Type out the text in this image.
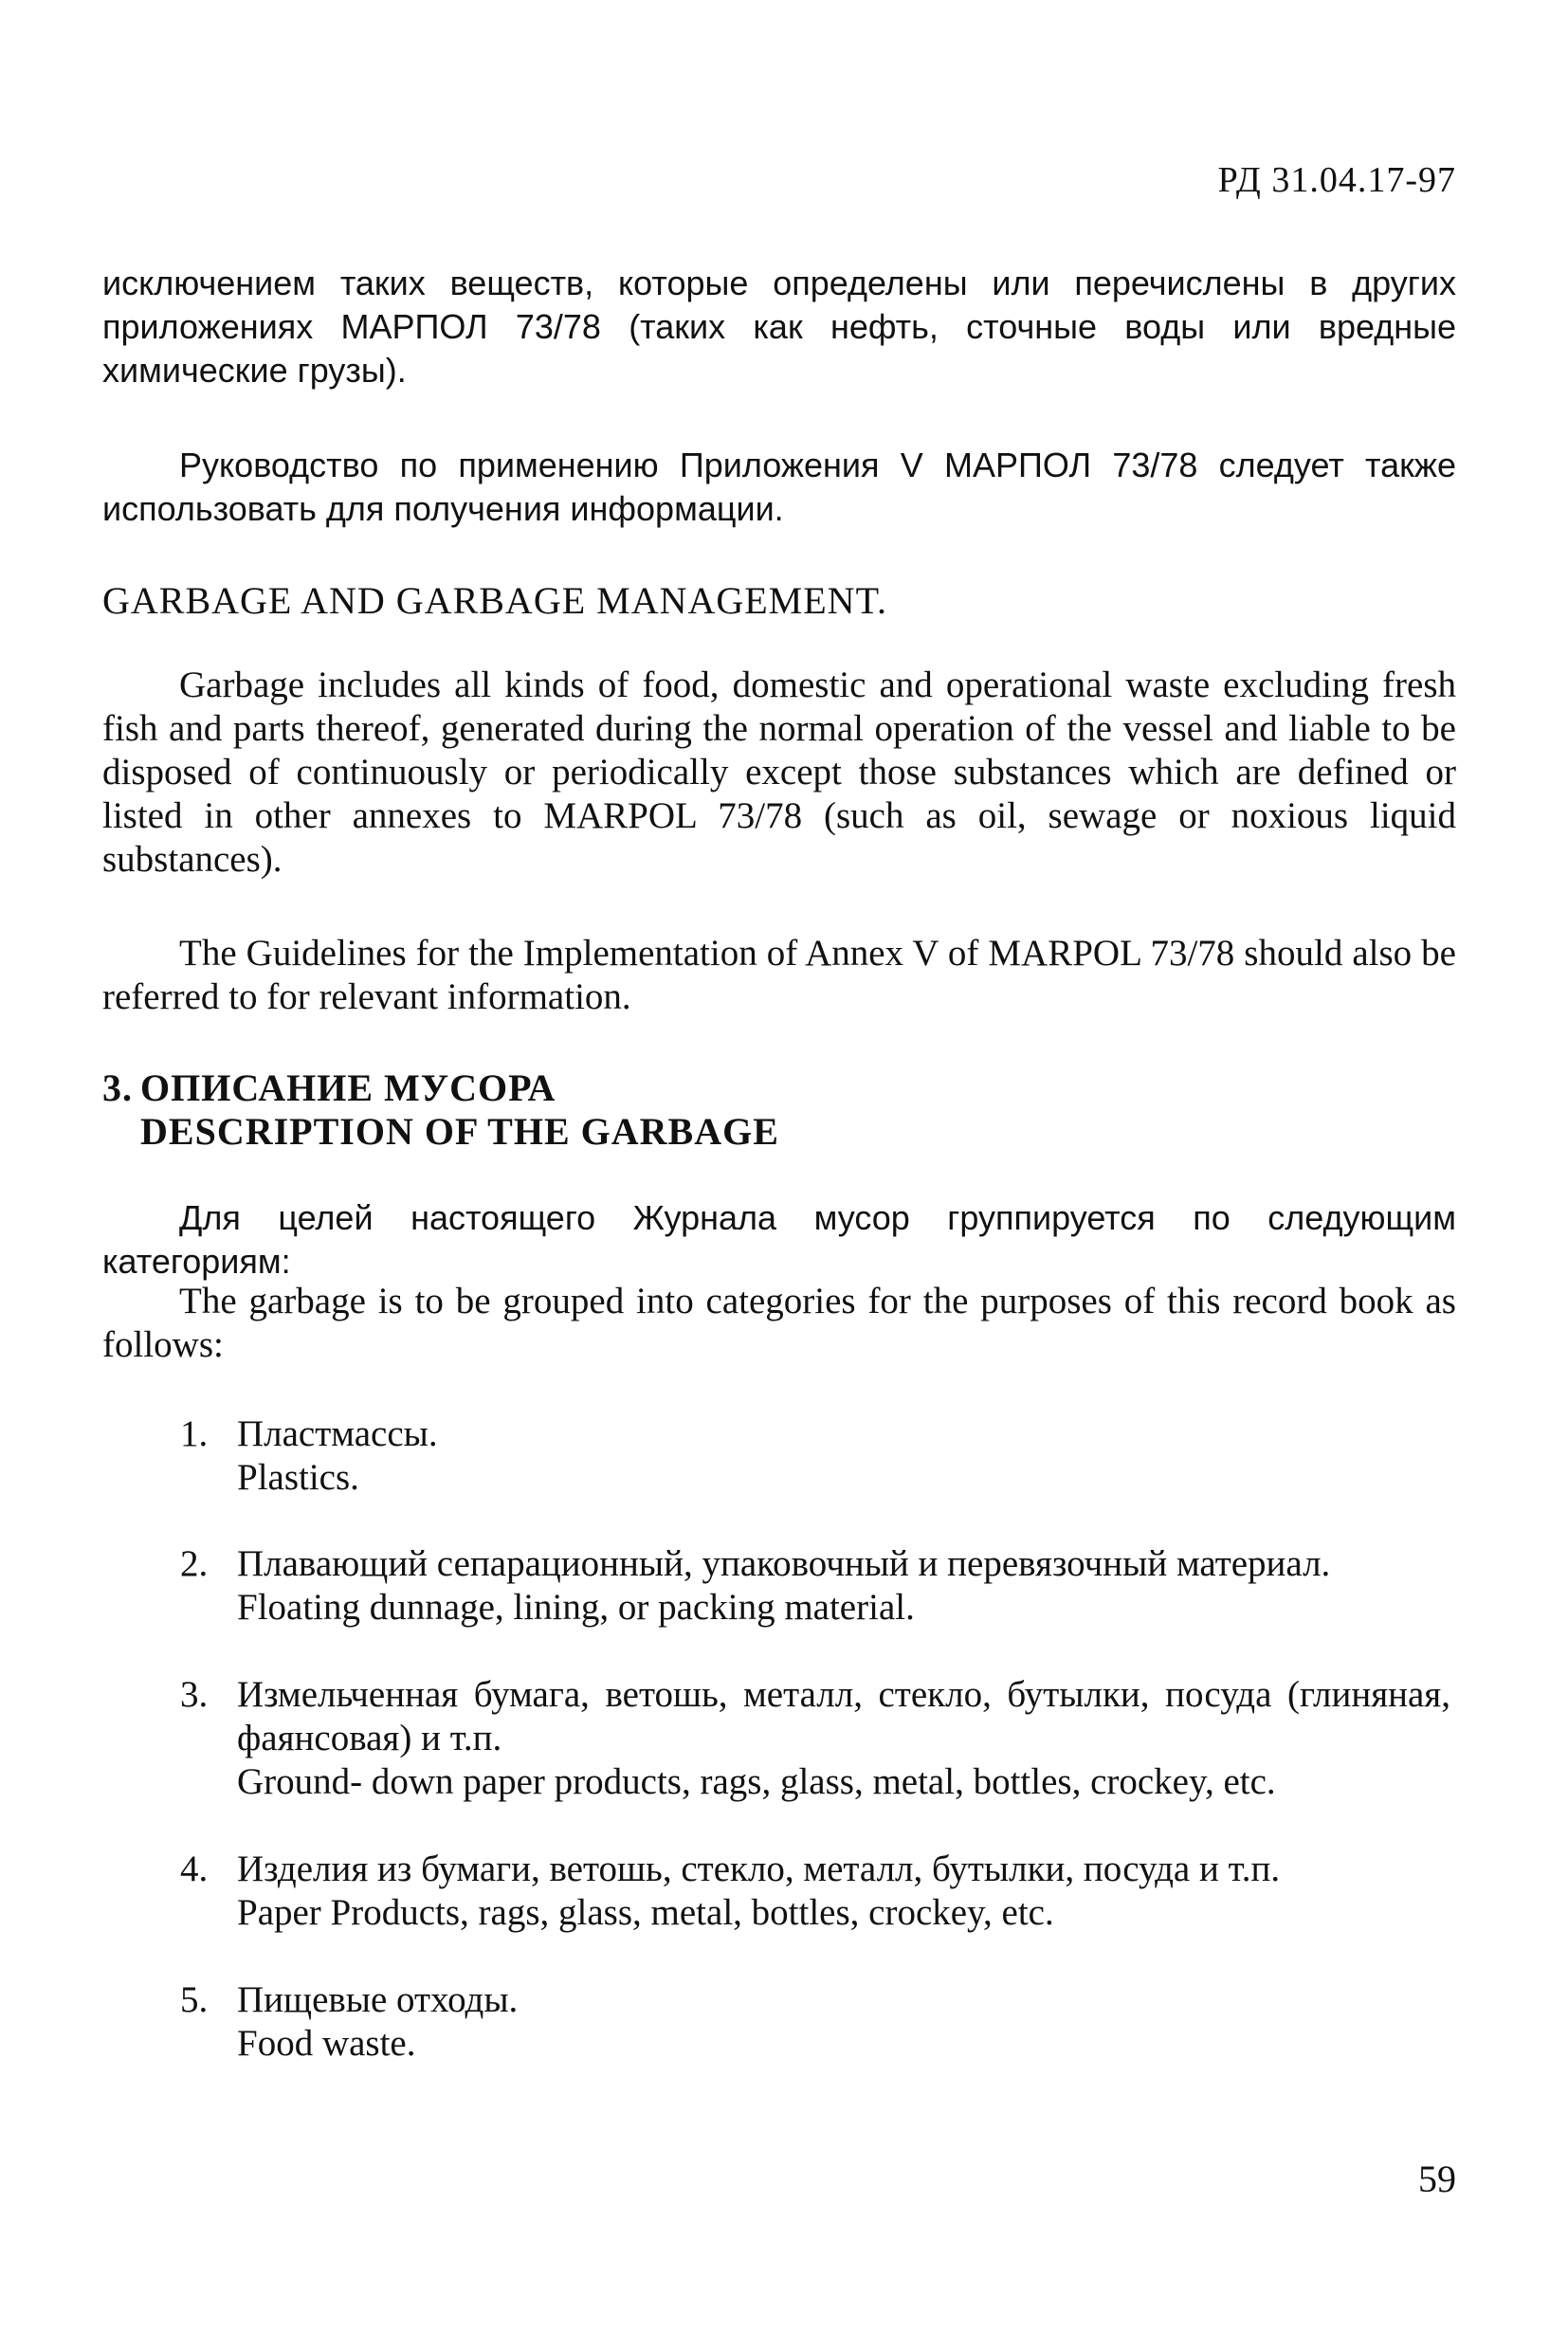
РД 31.04.17-97

исключением таких веществ, которые определены или перечислены в других приложениях МАРПОЛ 73/78 (таких как нефть, сточные воды или вредные химические грузы).

Руководство по применению Приложения V МАРПОЛ 73/78 следует также использовать для получения информации.

GARBAGE AND GARBAGE MANAGEMENT.

Garbage includes all kinds of food, domestic and operational waste excluding fresh fish and parts thereof, generated during the normal operation of the vessel and liable to be disposed of continuously or periodically except those substances which are defined or listed in other annexes to MARPOL 73/78 (such as oil, sewage or noxious liquid substances).

The Guidelines for the Implementation of Annex V of MARPOL 73/78 should also be referred to for relevant information.

3. ОПИСАНИЕ МУСОРА
DESCRIPTION OF THE GARBAGE

Для целей настоящего Журнала мусор группируется по следующим категориям:

The garbage is to be grouped into categories for the purposes of this record book as follows:

1. Пластмассы.
Plastics.
2. Плавающий сепарационный, упаковочный и перевязочный материал.
Floating dunnage, lining, or packing material.
3. Измельченная бумага, ветошь, металл, стекло, бутылки, посуда (глиняная, фаянсовая) и т.п.
Ground- down paper products, rags, glass, metal, bottles, crockey, etc.
4. Изделия из бумаги, ветошь, стекло, металл, бутылки, посуда и т.п.
Paper Products, rags, glass, metal, bottles, crockey, etc.
5. Пищевые отходы.
Food waste.
59
